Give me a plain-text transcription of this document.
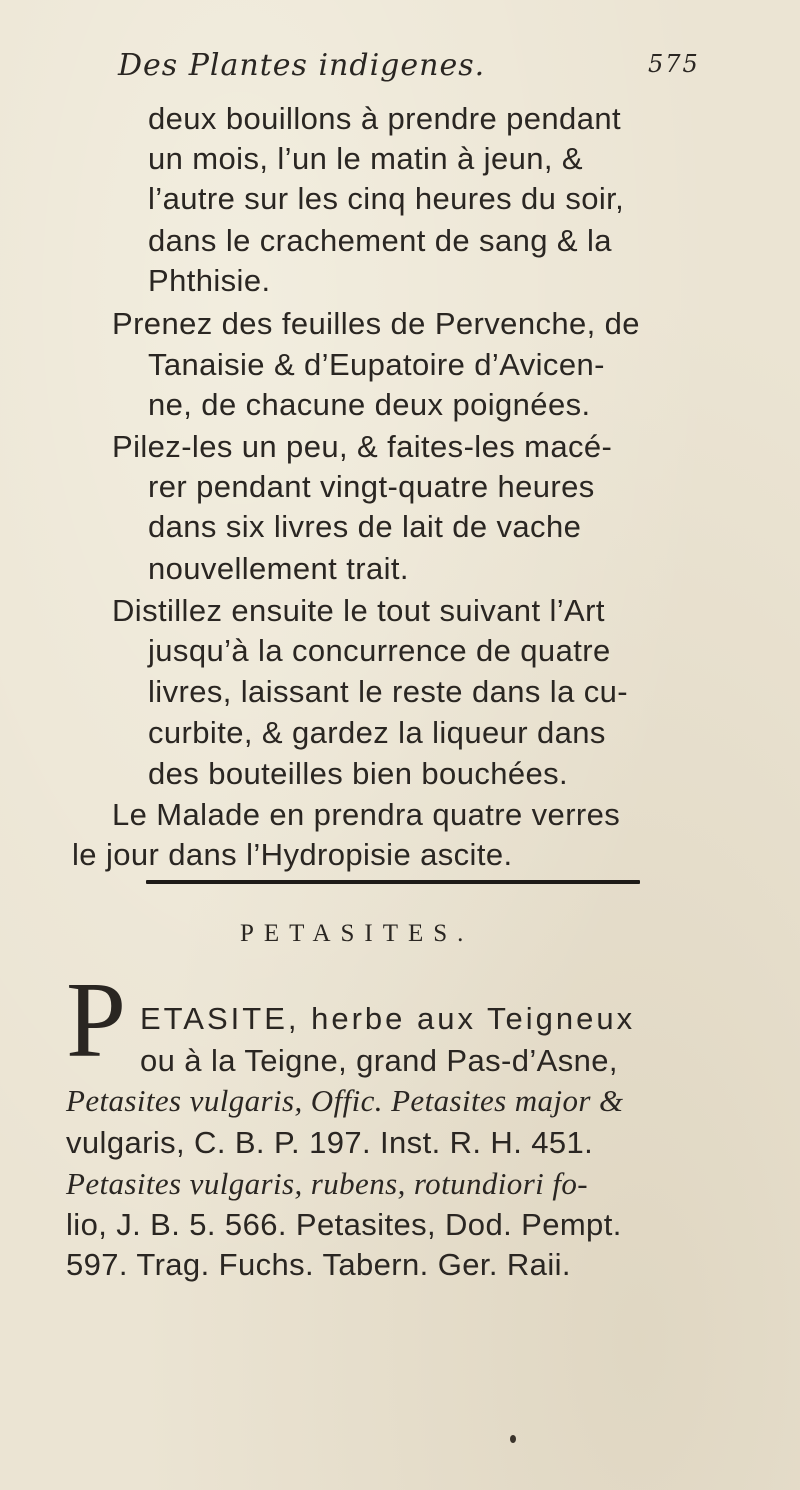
Des Plantes indigenes.	575
deux bouillons à prendre pendant
un mois, l’un le matin à jeun, &
l’autre sur les cinq heures du soir,
dans le crachement de sang & la
Phthisie.
Prenez des feuilles de Pervenche, de
Tanaisie & d’Eupatoire d’Avicen-
ne, de chacune deux poignées.
Pilez-les un peu, & faites-les macé-
rer pendant vingt-quatre heures
dans six livres de lait de vache
nouvellement trait.
Distillez ensuite le tout suivant l’Art
jusqu’à la concurrence de quatre
livres, laissant le reste dans la cu-
curbite, & gardez la liqueur dans
des bouteilles bien bouchées.
Le Malade en prendra quatre verres
le jour dans l’Hydropisie ascite.
PETASITES.
P ETASITE, herbe aux Teigneux
ou à la Teigne, grand Pas-d’Asne,
Petasites vulgaris, Offic. Petasites major &
vulgaris, C. B. P. 197. Inst. R. H. 451.
Petasites vulgaris, rubens, rotundiori fo-
lio, J. B. 5. 566. Petasites, Dod. Pempt.
597. Trag. Fuchs. Tabern. Ger. Raii.
